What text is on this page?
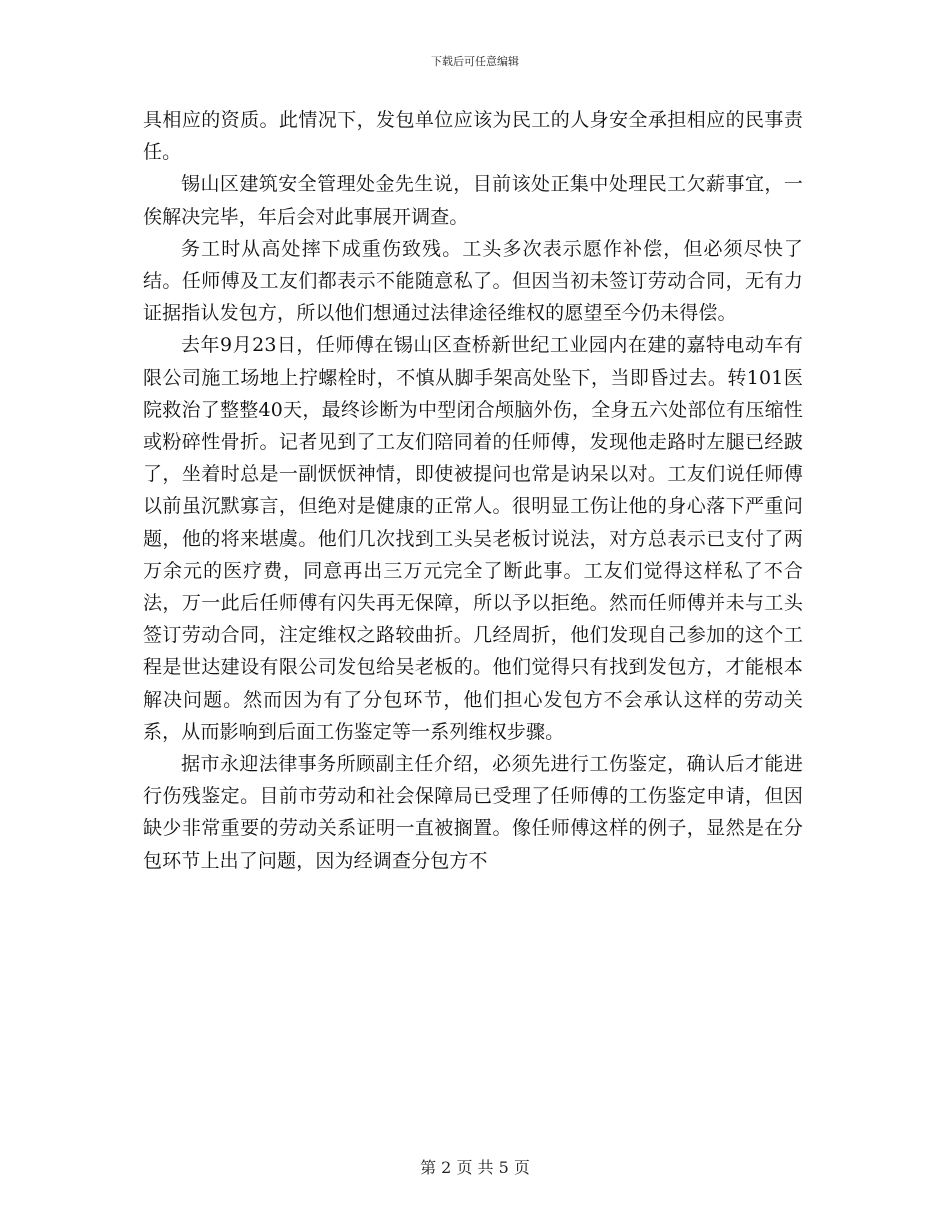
下载后可任意编辑

具相应的资质。此情况下，发包单位应该为民工的人身安全承担相应的民事责任。

锡山区建筑安全管理处金先生说，目前该处正集中处理民工欠薪事宜，一俟解决完毕，年后会对此事展开调查。

务工时从高处摔下成重伤致残。工头多次表示愿作补偿，但必须尽快了结。任师傅及工友们都表示不能随意私了。但因当初未签订劳动合同，无有力证据指认发包方，所以他们想通过法律途径维权的愿望至今仍未得偿。

去年9月23日，任师傅在锡山区查桥新世纪工业园内在建的嘉特电动车有限公司施工场地上拧螺栓时，不慎从脚手架高处坠下，当即昏过去。转101医院救治了整整40天，最终诊断为中型闭合颅脑外伤，全身五六处部位有压缩性或粉碎性骨折。记者见到了工友们陪同着的任师傅，发现他走路时左腿已经跛了，坐着时总是一副恹恹神情，即使被提问也常是讷呆以对。工友们说任师傅以前虽沉默寡言，但绝对是健康的正常人。很明显工伤让他的身心落下严重问题，他的将来堪虞。他们几次找到工头吴老板讨说法，对方总表示已支付了两万余元的医疗费，同意再出三万元完全了断此事。工友们觉得这样私了不合法，万一此后任师傅有闪失再无保障，所以予以拒绝。然而任师傅并未与工头签订劳动合同，注定维权之路较曲折。几经周折，他们发现自己参加的这个工程是世达建设有限公司发包给吴老板的。他们觉得只有找到发包方，才能根本解决问题。然而因为有了分包环节，他们担心发包方不会承认这样的劳动关系，从而影响到后面工伤鉴定等一系列维权步骤。

据市永迎法律事务所顾副主任介绍，必须先进行工伤鉴定，确认后才能进行伤残鉴定。目前市劳动和社会保障局已受理了任师傅的工伤鉴定申请，但因缺少非常重要的劳动关系证明一直被搁置。像任师傅这样的例子，显然是在分包环节上出了问题，因为经调查分包方不

第 2 页 共 5 页
